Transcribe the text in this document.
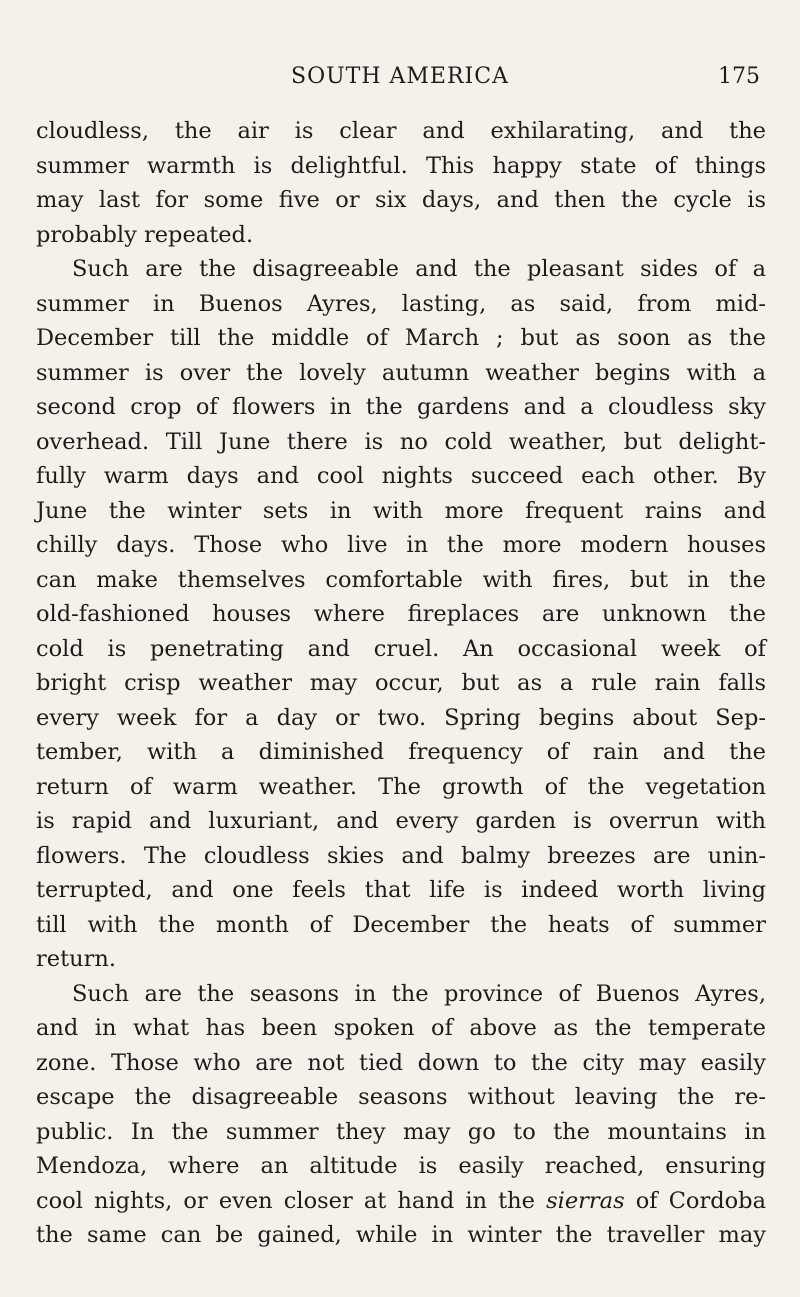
SOUTH AMERICA	175
cloudless, the air is clear and exhilarating, and the
summer warmth is delightful. This happy state of things
may last for some five or six days, and then the cycle is
probably repeated.
Such are the disagreeable and the pleasant sides of a
summer in Buenos Ayres, lasting, as said, from mid-
December till the middle of March ; but as soon as the
summer is over the lovely autumn weather begins with a
second crop of flowers in the gardens and a cloudless sky
overhead. Till June there is no cold weather, but delight-
fully warm days and cool nights succeed each other. By
June the winter sets in with more frequent rains and
chilly days. Those who live in the more modern houses
can make themselves comfortable with fires, but in the
old-fashioned houses where fireplaces are unknown the
cold is penetrating and cruel. An occasional week of
bright crisp weather may occur, but as a rule rain falls
every week for a day or two. Spring begins about Sep-
tember, with a diminished frequency of rain and the
return of warm weather. The growth of the vegetation
is rapid and luxuriant, and every garden is overrun with
flowers. The cloudless skies and balmy breezes are unin-
terrupted, and one feels that life is indeed worth living
till with the month of December the heats of summer
return.
Such are the seasons in the province of Buenos Ayres,
and in what has been spoken of above as the temperate
zone. Those who are not tied down to the city may easily
escape the disagreeable seasons without leaving the re-
public. In the summer they may go to the mountains in
Mendoza, where an altitude is easily reached, ensuring
cool nights, or even closer at hand in the sierras of Cordoba
the same can be gained, while in winter the traveller may
